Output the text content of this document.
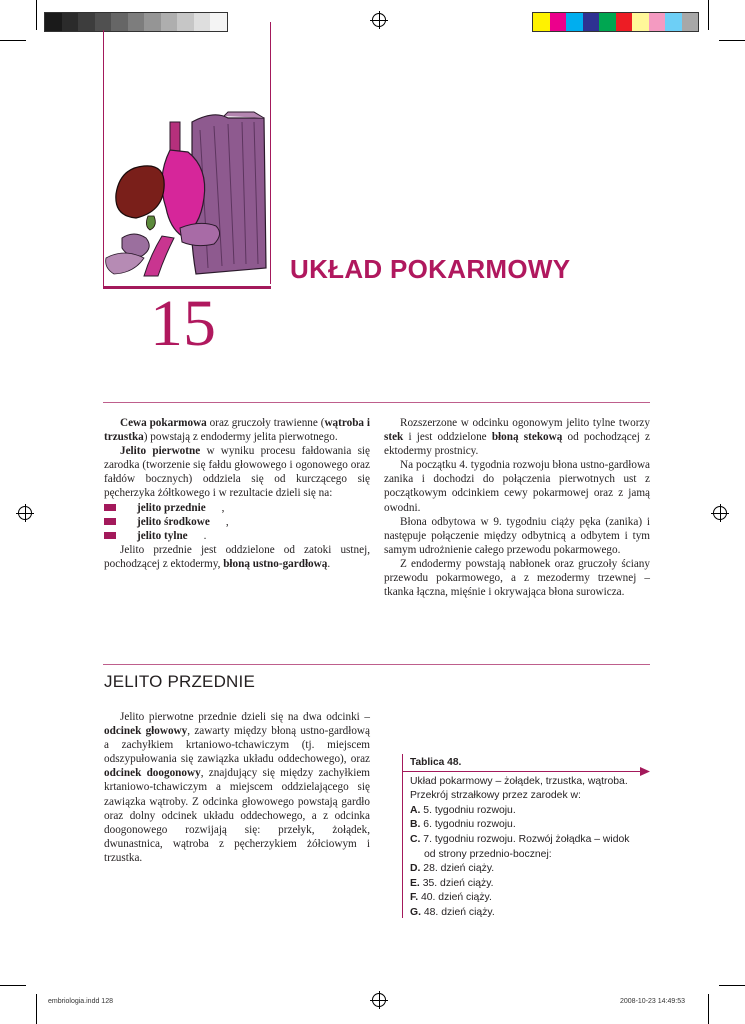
UKŁAD POKARMOWY
15

Cewa pokarmowa oraz gruczoły trawienne (wątroba i trzustka) powstają z endodermy jelita pierwotnego.

Jelito pierwotne w wyniku procesu fałdowania się zarodka (tworzenie się fałdu głowowego i ogonowego oraz fałdów bocznych) oddziela się od kurczącego się pęcherzyka żółtkowego i w rezultacie dzieli się na:

jelito przednie	,

jelito środkowe	,

jelito tylne	.

Jelito przednie jest oddzielone od zatoki ustnej, pochodzącej z ektodermy, błoną ustno-gardłową.

Rozszerzone w odcinku ogonowym jelito tylne tworzy stek i jest oddzielone błoną stekową od pochodzącej z ektodermy prostnicy.

Na początku 4. tygodnia rozwoju błona ustno-gardłowa zanika i dochodzi do połączenia pierwotnych ust z początkowym odcinkiem cewy pokarmowej oraz z jamą owodni.

Błona odbytowa w 9. tygodniu ciąży pęka (zanika) i następuje połączenie między odbytnicą a odbytem i tym samym udrożnienie całego przewodu pokarmowego.

Z endodermy powstają nabłonek oraz gruczoły ściany przewodu pokarmowego, a z mezodermy trzewnej – tkanka łączna, mięśnie i okrywająca błona surowicza.

JELITO PRZEDNIE

Jelito pierwotne przednie dzieli się na dwa odcinki – odcinek głowowy, zawarty między błoną ustno-gardłową a zachyłkiem krtaniowo-tchawiczym (tj. miejscem odszypułowania się zawiązka układu oddechowego), oraz odcinek doogonowy, znajdujący się między zachyłkiem krtaniowo-tchawiczym a miejscem oddzielającego się zawiązka wątroby. Z odcinka głowowego powstają gardło oraz dolny odcinek układu oddechowego, a z odcinka doogonowego rozwijają się: przełyk, żołądek, dwunastnica, wątroba z pęcherzykiem żółciowym i trzustka.

Tablica 48.
Układ pokarmowy – żołądek, trzustka, wątroba.
Przekrój strzałkowy przez zarodek w:
A. 5. tygodniu rozwoju.
B. 6. tygodniu rozwoju.
C. 7. tygodniu rozwoju. Rozwój żołądka – widok
od strony przednio-bocznej:
D. 28. dzień ciąży.
E. 35. dzień ciąży.
F. 40. dzień ciąży.
G. 48. dzień ciąży.
embriologia.indd 128	2008-10-23 14:49:53
